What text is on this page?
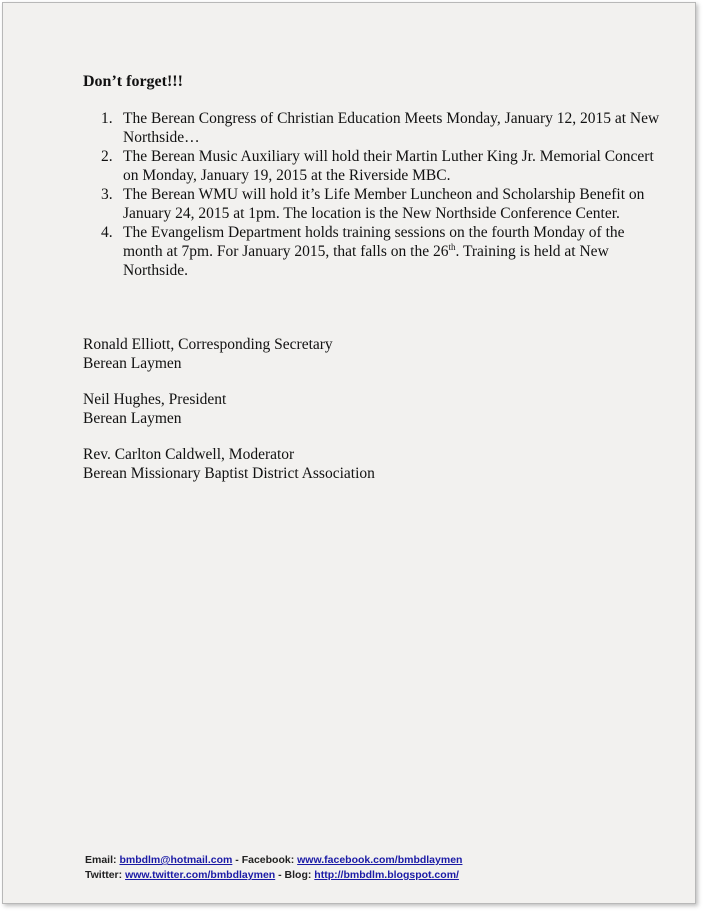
Don’t forget!!!
1. The Berean Congress of Christian Education Meets Monday, January 12, 2015 at New Northside…
2. The Berean Music Auxiliary will hold their Martin Luther King Jr. Memorial Concert on Monday, January 19, 2015 at the Riverside MBC.
3. The Berean WMU will hold it’s Life Member Luncheon and Scholarship Benefit on January 24, 2015 at 1pm. The location is the New Northside Conference Center.
4. The Evangelism Department holds training sessions on the fourth Monday of the month at 7pm. For January 2015, that falls on the 26th. Training is held at New Northside.
Ronald Elliott, Corresponding Secretary
Berean Laymen
Neil Hughes, President
Berean Laymen
Rev. Carlton Caldwell, Moderator
Berean Missionary Baptist District Association
Email: bmbdlm@hotmail.com - Facebook: www.facebook.com/bmbdlaymen
Twitter: www.twitter.com/bmbdlaymen - Blog: http://bmbdlm.blogspot.com/
